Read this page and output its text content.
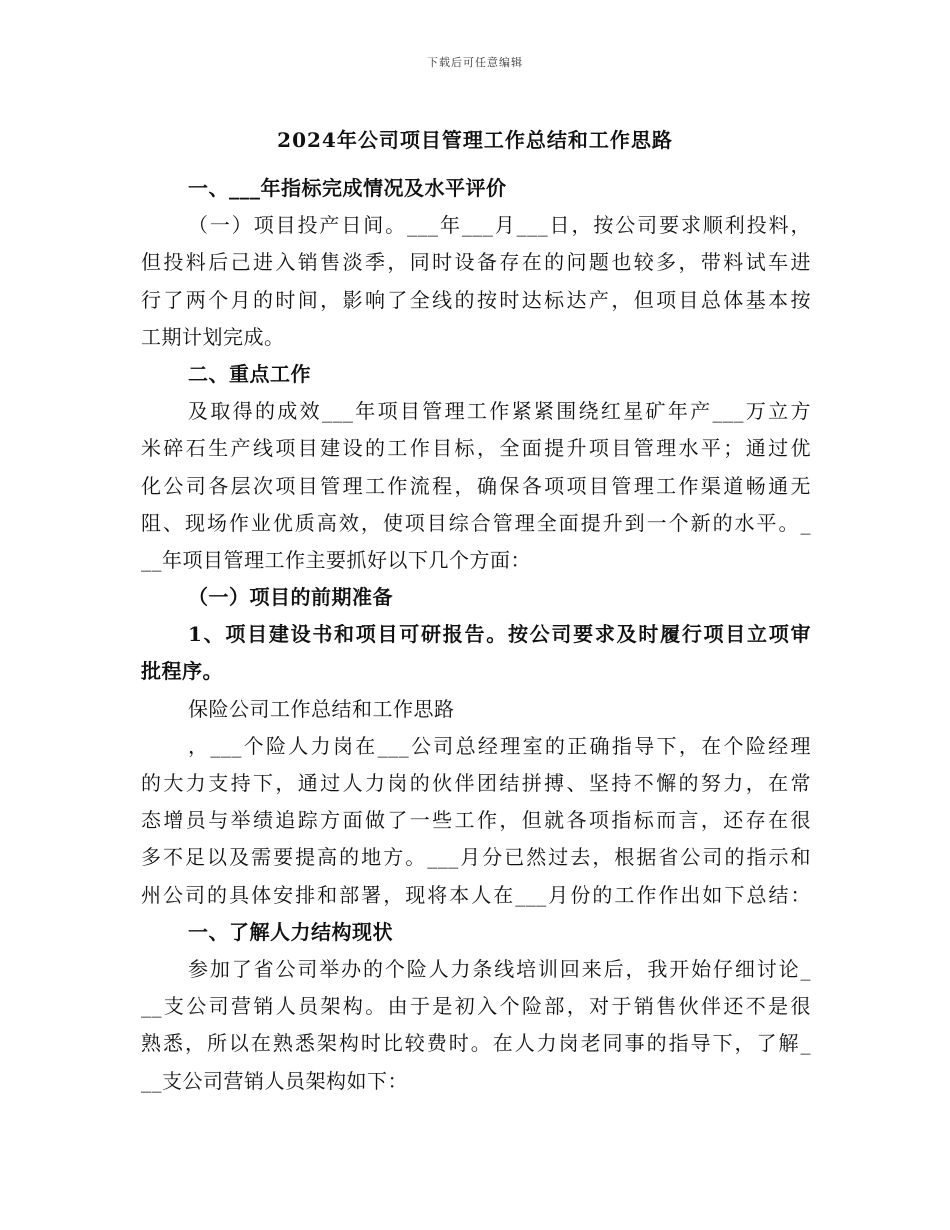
下载后可任意编辑
2024年公司项目管理工作总结和工作思路
一、___年指标完成情况及水平评价
（一）项目投产日间。___年___月___日，按公司要求顺利投料，
但投料后己进入销售淡季，同时设备存在的问题也较多，带料试车进
行了两个月的时间，影响了全线的按时达标达产，但项目总体基本按
工期计划完成。
二、重点工作
及取得的成效___年项目管理工作紧紧围绕红星矿年产___万立方
米碎石生产线项目建设的工作目标，全面提升项目管理水平；通过优
化公司各层次项目管理工作流程，确保各项项目管理工作渠道畅通无
阻、现场作业优质高效，使项目综合管理全面提升到一个新的水平。_
__年项目管理工作主要抓好以下几个方面：
（一）项目的前期准备
1、项目建设书和项目可研报告。按公司要求及时履行项目立项审
批程序。
保险公司工作总结和工作思路
，___个险人力岗在___公司总经理室的正确指导下，在个险经理
的大力支持下，通过人力岗的伙伴团结拼搏、坚持不懈的努力，在常
态增员与举绩追踪方面做了一些工作，但就各项指标而言，还存在很
多不足以及需要提高的地方。___月分已然过去，根据省公司的指示和
州公司的具体安排和部署，现将本人在___月份的工作作出如下总结：
一、了解人力结构现状
参加了省公司举办的个险人力条线培训回来后，我开始仔细讨论_
__支公司营销人员架构。由于是初入个险部，对于销售伙伴还不是很
熟悉，所以在熟悉架构时比较费时。在人力岗老同事的指导下，了解_
__支公司营销人员架构如下：
